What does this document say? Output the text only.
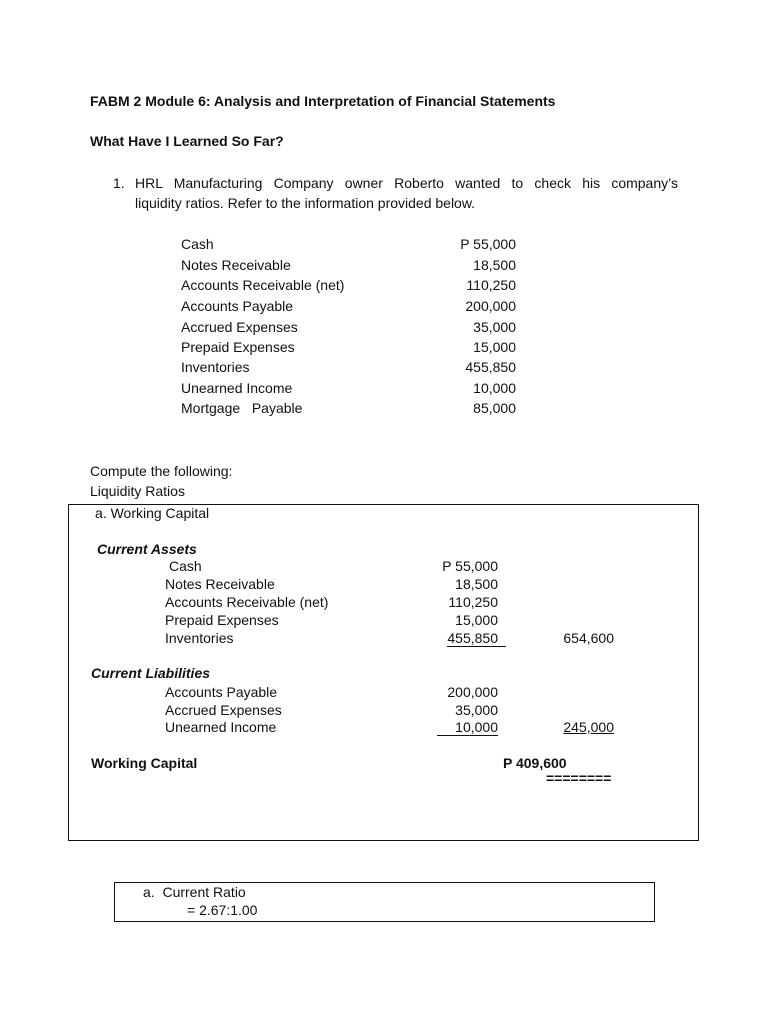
FABM 2 Module 6: Analysis and Interpretation of Financial Statements
What Have I Learned So Far?
1. HRL Manufacturing Company owner Roberto wanted to check his company’s
liquidity ratios. Refer to the information provided below.
Cash	P 55,000
Notes Receivable	18,500
Accounts Receivable (net)	110,250
Accounts Payable	200,000
Accrued Expenses	35,000
Prepaid Expenses	15,000
Inventories	455,850
Unearned Income	10,000
Mortgage   Payable	85,000
Compute the following:
Liquidity Ratios
a. Working Capital
Current Assets
Cash	P 55,000
Notes Receivable	18,500
Accounts Receivable (net)	110,250
Prepaid Expenses	15,000
Inventories	455,850	654,600
Current Liabilities
Accounts Payable	200,000
Accrued Expenses	35,000
Unearned Income	10,000	245,000
Working Capital	P 409,600
========
a.  Current Ratio
= 2.67:1.00
